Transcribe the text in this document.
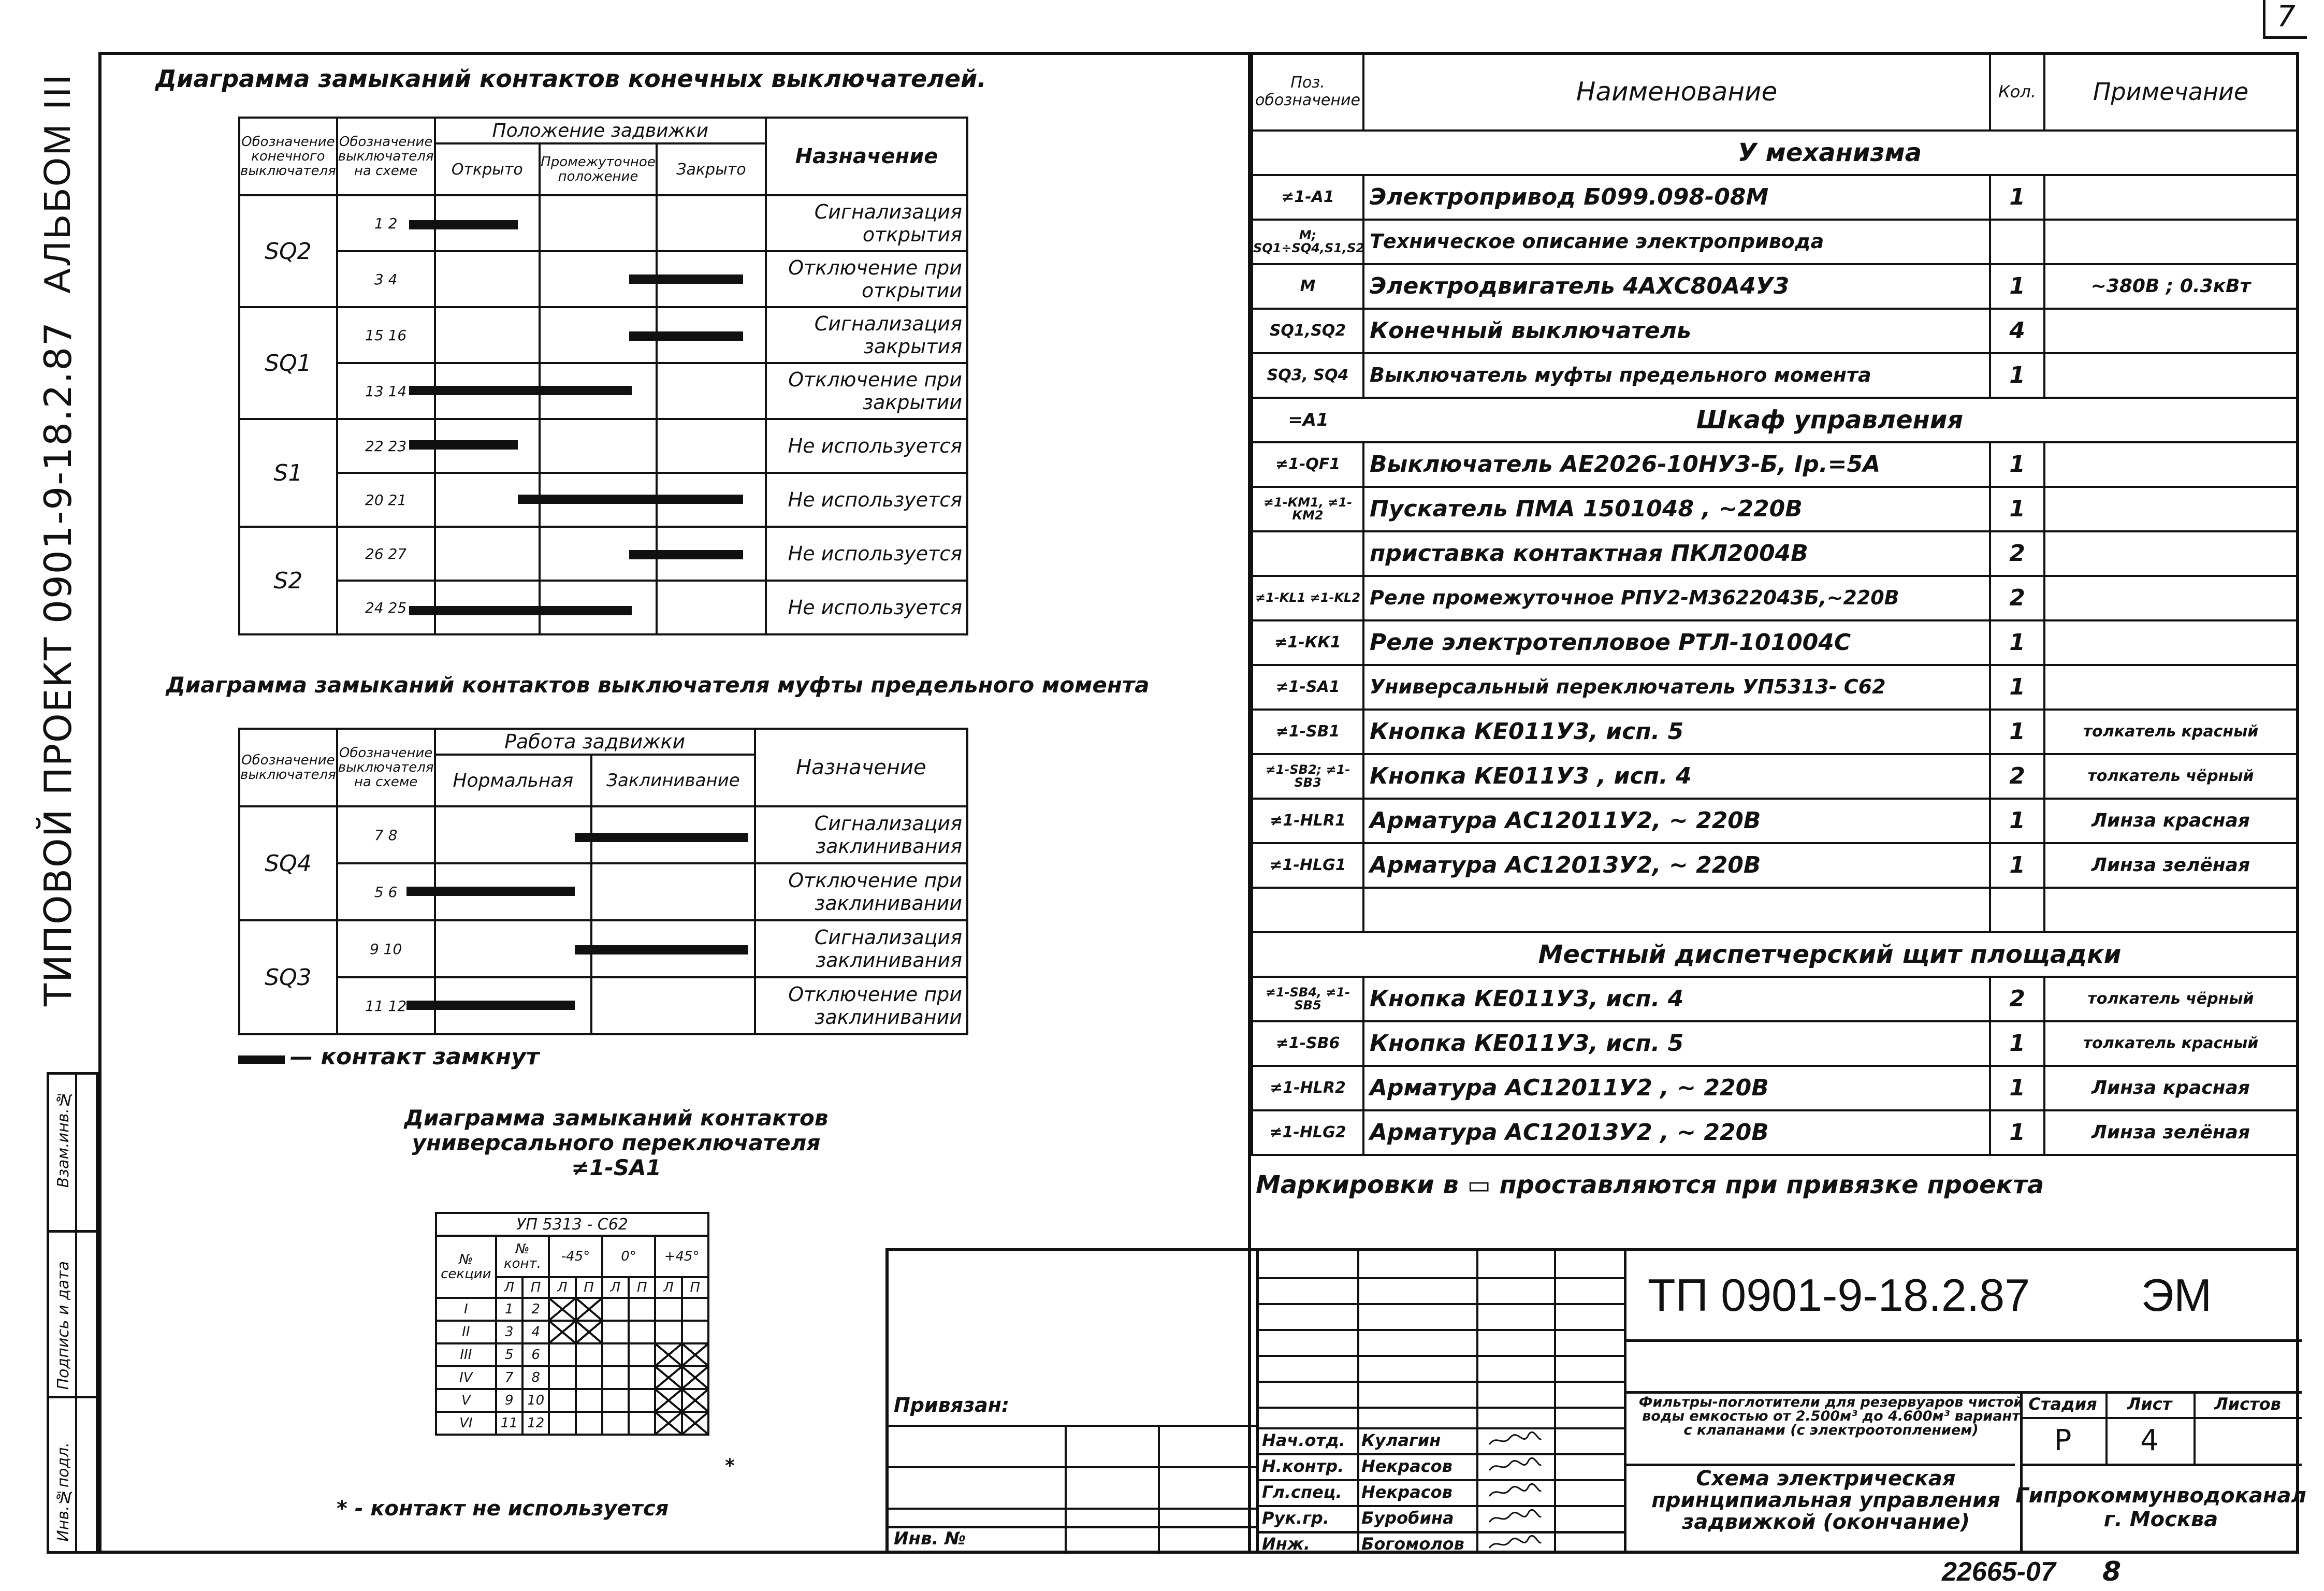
7
АЛЬБОМ III
ТИПОВОЙ ПРОЕКТ 0901-9-18.2.87
Инв.№подл.
Подпись и дата
Взам.инв.№
Диаграмма замыканий контактов конечных выключателей.
Обозначение конечного выключателя	Обозначение выключателя на схеме	Положение задвижки			Назначение
		Открыто	Промежуточное положение	Закрыто	
SQ2	1 2				Сигнализация открытия
	3 4				Отключение при открытии
SQ1	15 16				Сигнализация закрытия
	13 14				Отключение при закрытии
S1	22 23				Не используется
	20 21				Не используется
S2	26 27				Не используется
	24 25				Не используется
Диаграмма замыканий контактов выключателя муфты предельного момента
Обозначение выключателя	Обозначение выключателя на схеме	Работа задвижки		Назначение
		Нормальная	Заклинивание	
SQ4	7 8			Сигнализация заклинивания
	5 6			Отключение при заклинивании
SQ3	9 10			Сигнализация заклинивания
	11 12			Отключение при заклинивании
— контакт замкнут
Диаграмма замыканий контактов
универсального переключателя
≠1-SA1
УП 5313 - С62								
№ секции	№ конт.		-45°		0°		+45°	
	Л	П	Л	П	Л	П	Л	П
I	1	2						
II	3	4						
III	5	6						
IV	7	8						
V	9	10						
VI	11	12						
*
* - контакт не используется
Поз. обозначение	Наименование	Кол.	Примечание
	У механизма		
≠1-A1	Электропривод Б099.098-08М	1	
M; SQ1÷SQ4,S1,S2	Техническое описание электропривода		
M	Электродвигатель 4АХС80А4У3	1	~380В ; 0.3кВт
SQ1,SQ2	Конечный выключатель	4	
SQ3, SQ4	Выключатель муфты предельного момента	1	
=A1	Шкаф управления		
≠1-QF1	Выключатель АЕ2026-10НУ3-Б, Iр.=5А	1	
≠1-КМ1, ≠1-КМ2	Пускатель ПМА 1501048 , ~220В	1	
	приставка контактная ПКЛ2004В	2	
≠1-KL1 ≠1-KL2	Реле промежуточное РПУ2-М3622043Б,~220В	2	
≠1-КК1	Реле электротепловое РТЛ-101004С	1	
≠1-SA1	Универсальный переключатель УП5313- С62	1	
≠1-SB1	Кнопка КЕ011У3, исп. 5	1	толкатель красный
≠1-SB2; ≠1-SB3	Кнопка КЕ011У3 , исп. 4	2	толкатель чёрный
≠1-HLR1	Арматура АС12011У2, ~ 220В	1	Линза красная
≠1-HLG1	Арматура АС12013У2, ~ 220В	1	Линза зелёная

	Местный диспетчерский щит площадки		
≠1-SB4, ≠1-SB5	Кнопка КЕ011У3, исп. 4	2	толкатель чёрный
≠1-SB6	Кнопка КЕ011У3, исп. 5	1	толкатель красный
≠1-HLR2	Арматура АС12011У2 , ~ 220В	1	Линза красная
≠1-HLG2	Арматура АС12013У2 , ~ 220В	1	Линза зелёная
Маркировки в ▭ проставляются при привязке проекта
Привязан:
Инв. №
Нач.отд. Кулагин
Н.контр. Некрасов
Гл.спец. Некрасов
Рук.гр. Буробина
Инж.	Богомолов
ТП 0901-9-18.2.87	ЭМ
Фильтры-поглотители для резервуаров чистой воды емкостью от 2.500м³ до 4.600м³ вариант с клапанами (с электроотоплением)
Схема электрическая принципиальная управления задвижкой (окончание)
Стадия	Лист	Листов
Р	4
Гипрокоммунводоканал г. Москва
22665-07 8
